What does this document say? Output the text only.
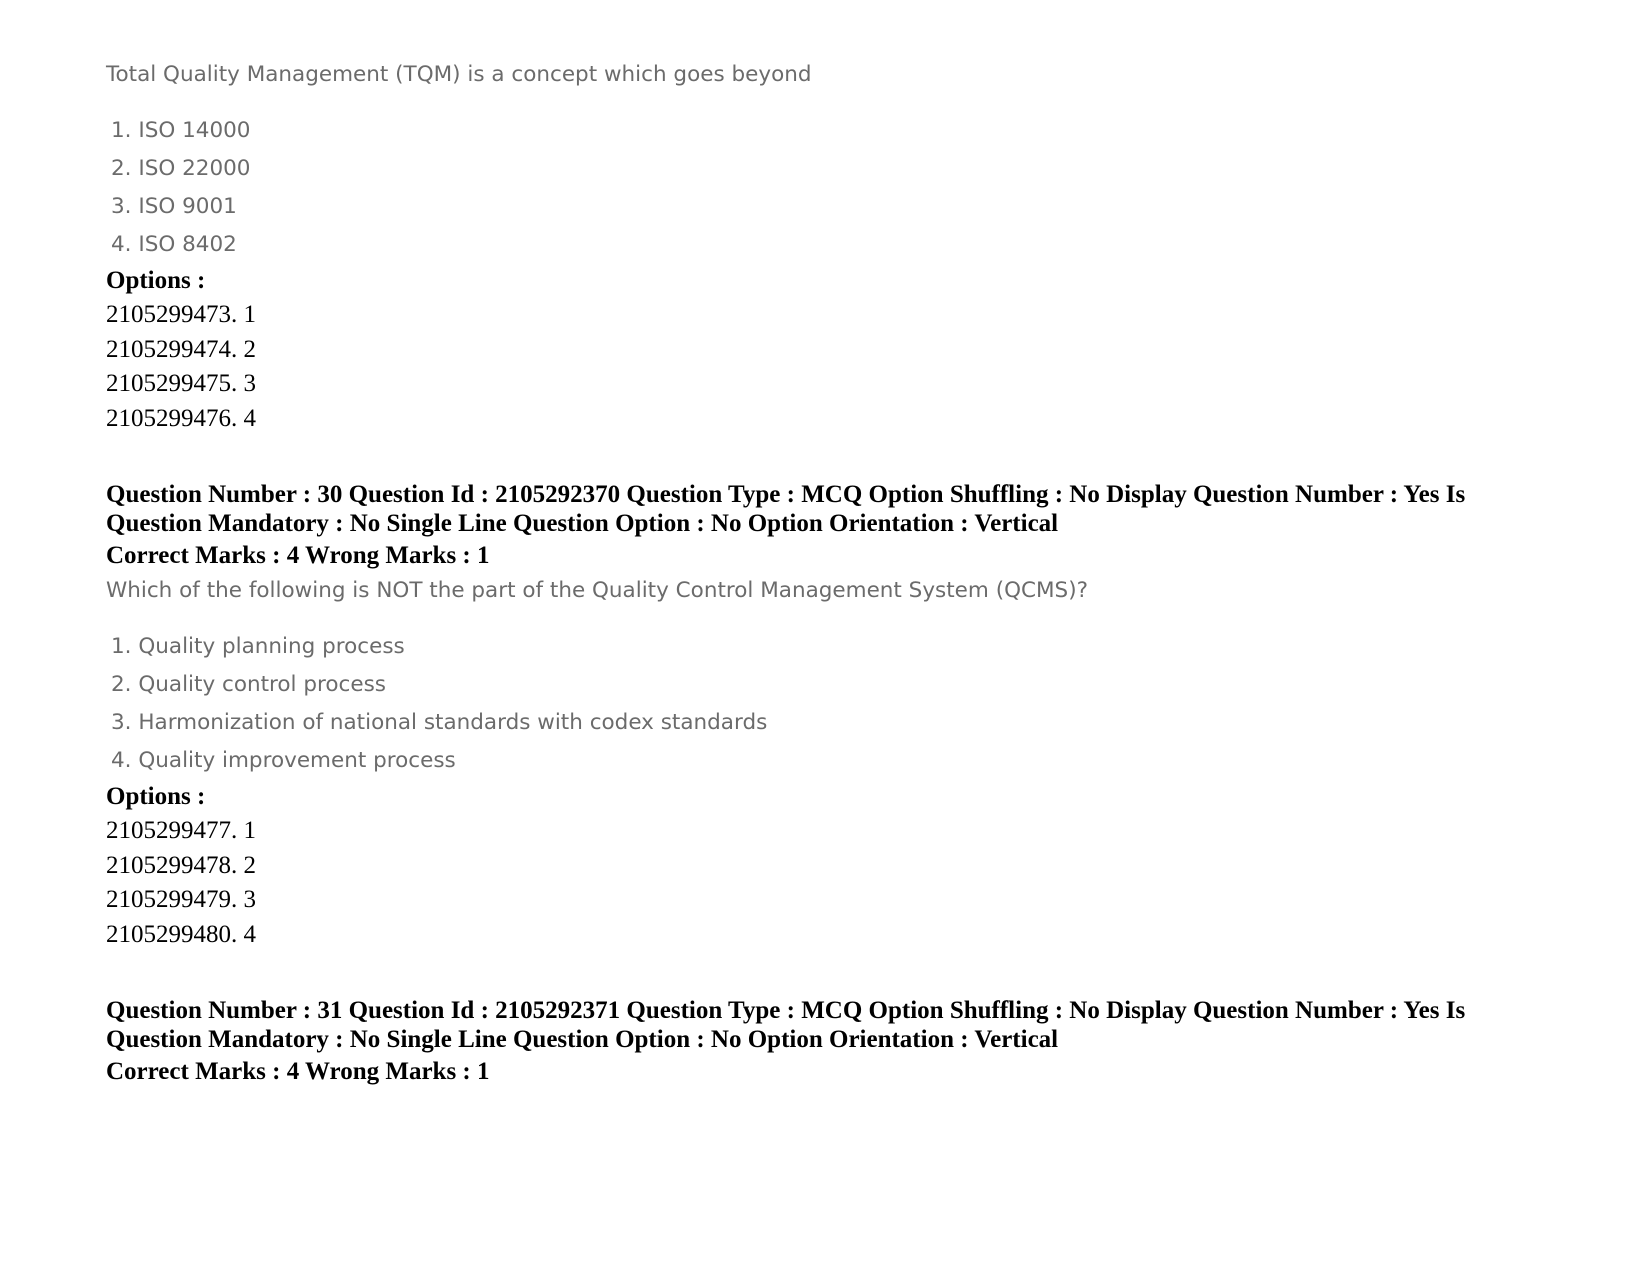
Total Quality Management (TQM) is a concept which goes beyond

1. ISO 14000
2. ISO 22000
3. ISO 9001
4. ISO 8402
Options :
2105299473. 1
2105299474. 2
2105299475. 3
2105299476. 4
Question Number : 30 Question Id : 2105292370 Question Type : MCQ Option Shuffling : No Display Question Number : Yes Is
Question Mandatory : No Single Line Question Option : No Option Orientation : Vertical
Correct Marks : 4 Wrong Marks : 1

Which of the following is NOT the part of the Quality Control Management System (QCMS)?

1. Quality planning process
2. Quality control process
3. Harmonization of national standards with codex standards
4. Quality improvement process
Options :
2105299477. 1
2105299478. 2
2105299479. 3
2105299480. 4
Question Number : 31 Question Id : 2105292371 Question Type : MCQ Option Shuffling : No Display Question Number : Yes Is
Question Mandatory : No Single Line Question Option : No Option Orientation : Vertical
Correct Marks : 4 Wrong Marks : 1
